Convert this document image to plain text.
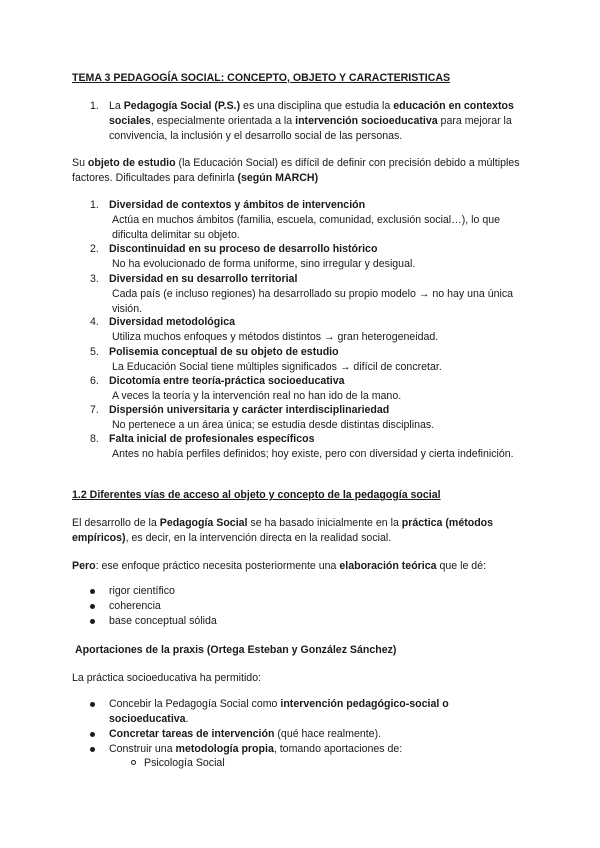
TEMA 3 PEDAGOGÍA SOCIAL: CONCEPTO, OBJETO Y CARACTERISTICAS
1. La Pedagogía Social (P.S.) es una disciplina que estudia la educación en contextos sociales, especialmente orientada a la intervención socioeducativa para mejorar la convivencia, la inclusión y el desarrollo social de las personas.

Su objeto de estudio (la Educación Social) es difícil de definir con precisión debido a múltiples factores. Dificultades para definirla (según MARCH)

1. Diversidad de contextos y ámbitos de intervención
Actúa en muchos ámbitos (familia, escuela, comunidad, exclusión social…), lo que dificulta delimitar su objeto.
2. Discontinuidad en su proceso de desarrollo histórico
No ha evolucionado de forma uniforme, sino irregular y desigual.
3. Diversidad en su desarrollo territorial
Cada país (e incluso regiones) ha desarrollado su propio modelo → no hay una única visión.
4. Diversidad metodológica
Utiliza muchos enfoques y métodos distintos → gran heterogeneidad.
5. Polisemia conceptual de su objeto de estudio
La Educación Social tiene múltiples significados → difícil de concretar.
6. Dicotomía entre teoría-práctica socioeducativa
A veces la teoría y la intervención real no han ido de la mano.
7. Dispersión universitaria y carácter interdisciplinariedad
No pertenece a un área única; se estudia desde distintas disciplinas.
8. Falta inicial de profesionales específicos
Antes no había perfiles definidos; hoy existe, pero con diversidad y cierta indefinición.
1.2 Diferentes vías de acceso al objeto y concepto de la pedagogía social

El desarrollo de la Pedagogía Social se ha basado inicialmente en la práctica (métodos empíricos), es decir, en la intervención directa en la realidad social.

Pero: ese enfoque práctico necesita posteriormente una elaboración teórica que le dé:

rigor científico
coherencia
base conceptual sólida
Aportaciones de la praxis (Ortega Esteban y González Sánchez)

La práctica socioeducativa ha permitido:

Concebir la Pedagogía Social como intervención pedagógico-social o socioeducativa.
Concretar tareas de intervención (qué hace realmente).
Construir una metodología propia, tomando aportaciones de:
Psicología Social
